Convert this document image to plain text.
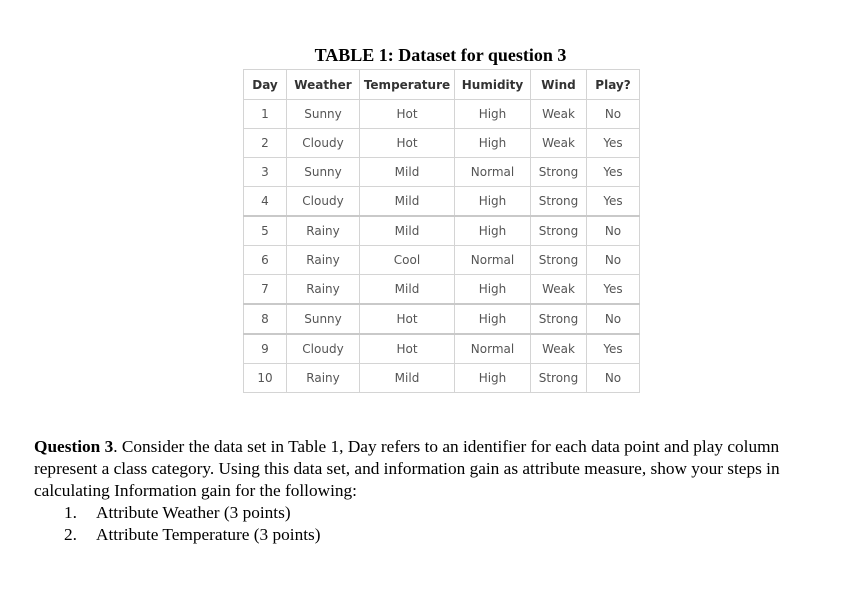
TABLE 1: Dataset for question 3
Day	Weather	Temperature	Humidity	Wind	Play?
1	Sunny	Hot	High	Weak	No
2	Cloudy	Hot	High	Weak	Yes
3	Sunny	Mild	Normal	Strong	Yes
4	Cloudy	Mild	High	Strong	Yes
5	Rainy	Mild	High	Strong	No
6	Rainy	Cool	Normal	Strong	No
7	Rainy	Mild	High	Weak	Yes
8	Sunny	Hot	High	Strong	No
9	Cloudy	Hot	Normal	Weak	Yes
10	Rainy	Mild	High	Strong	No

Question 3. Consider the data set in Table 1, Day refers to an identifier for each data point and play column represent a class category. Using this data set, and information gain as attribute measure, show your steps in calculating Information gain for the following:

1. Attribute Weather (3 points)
2. Attribute Temperature (3 points)
